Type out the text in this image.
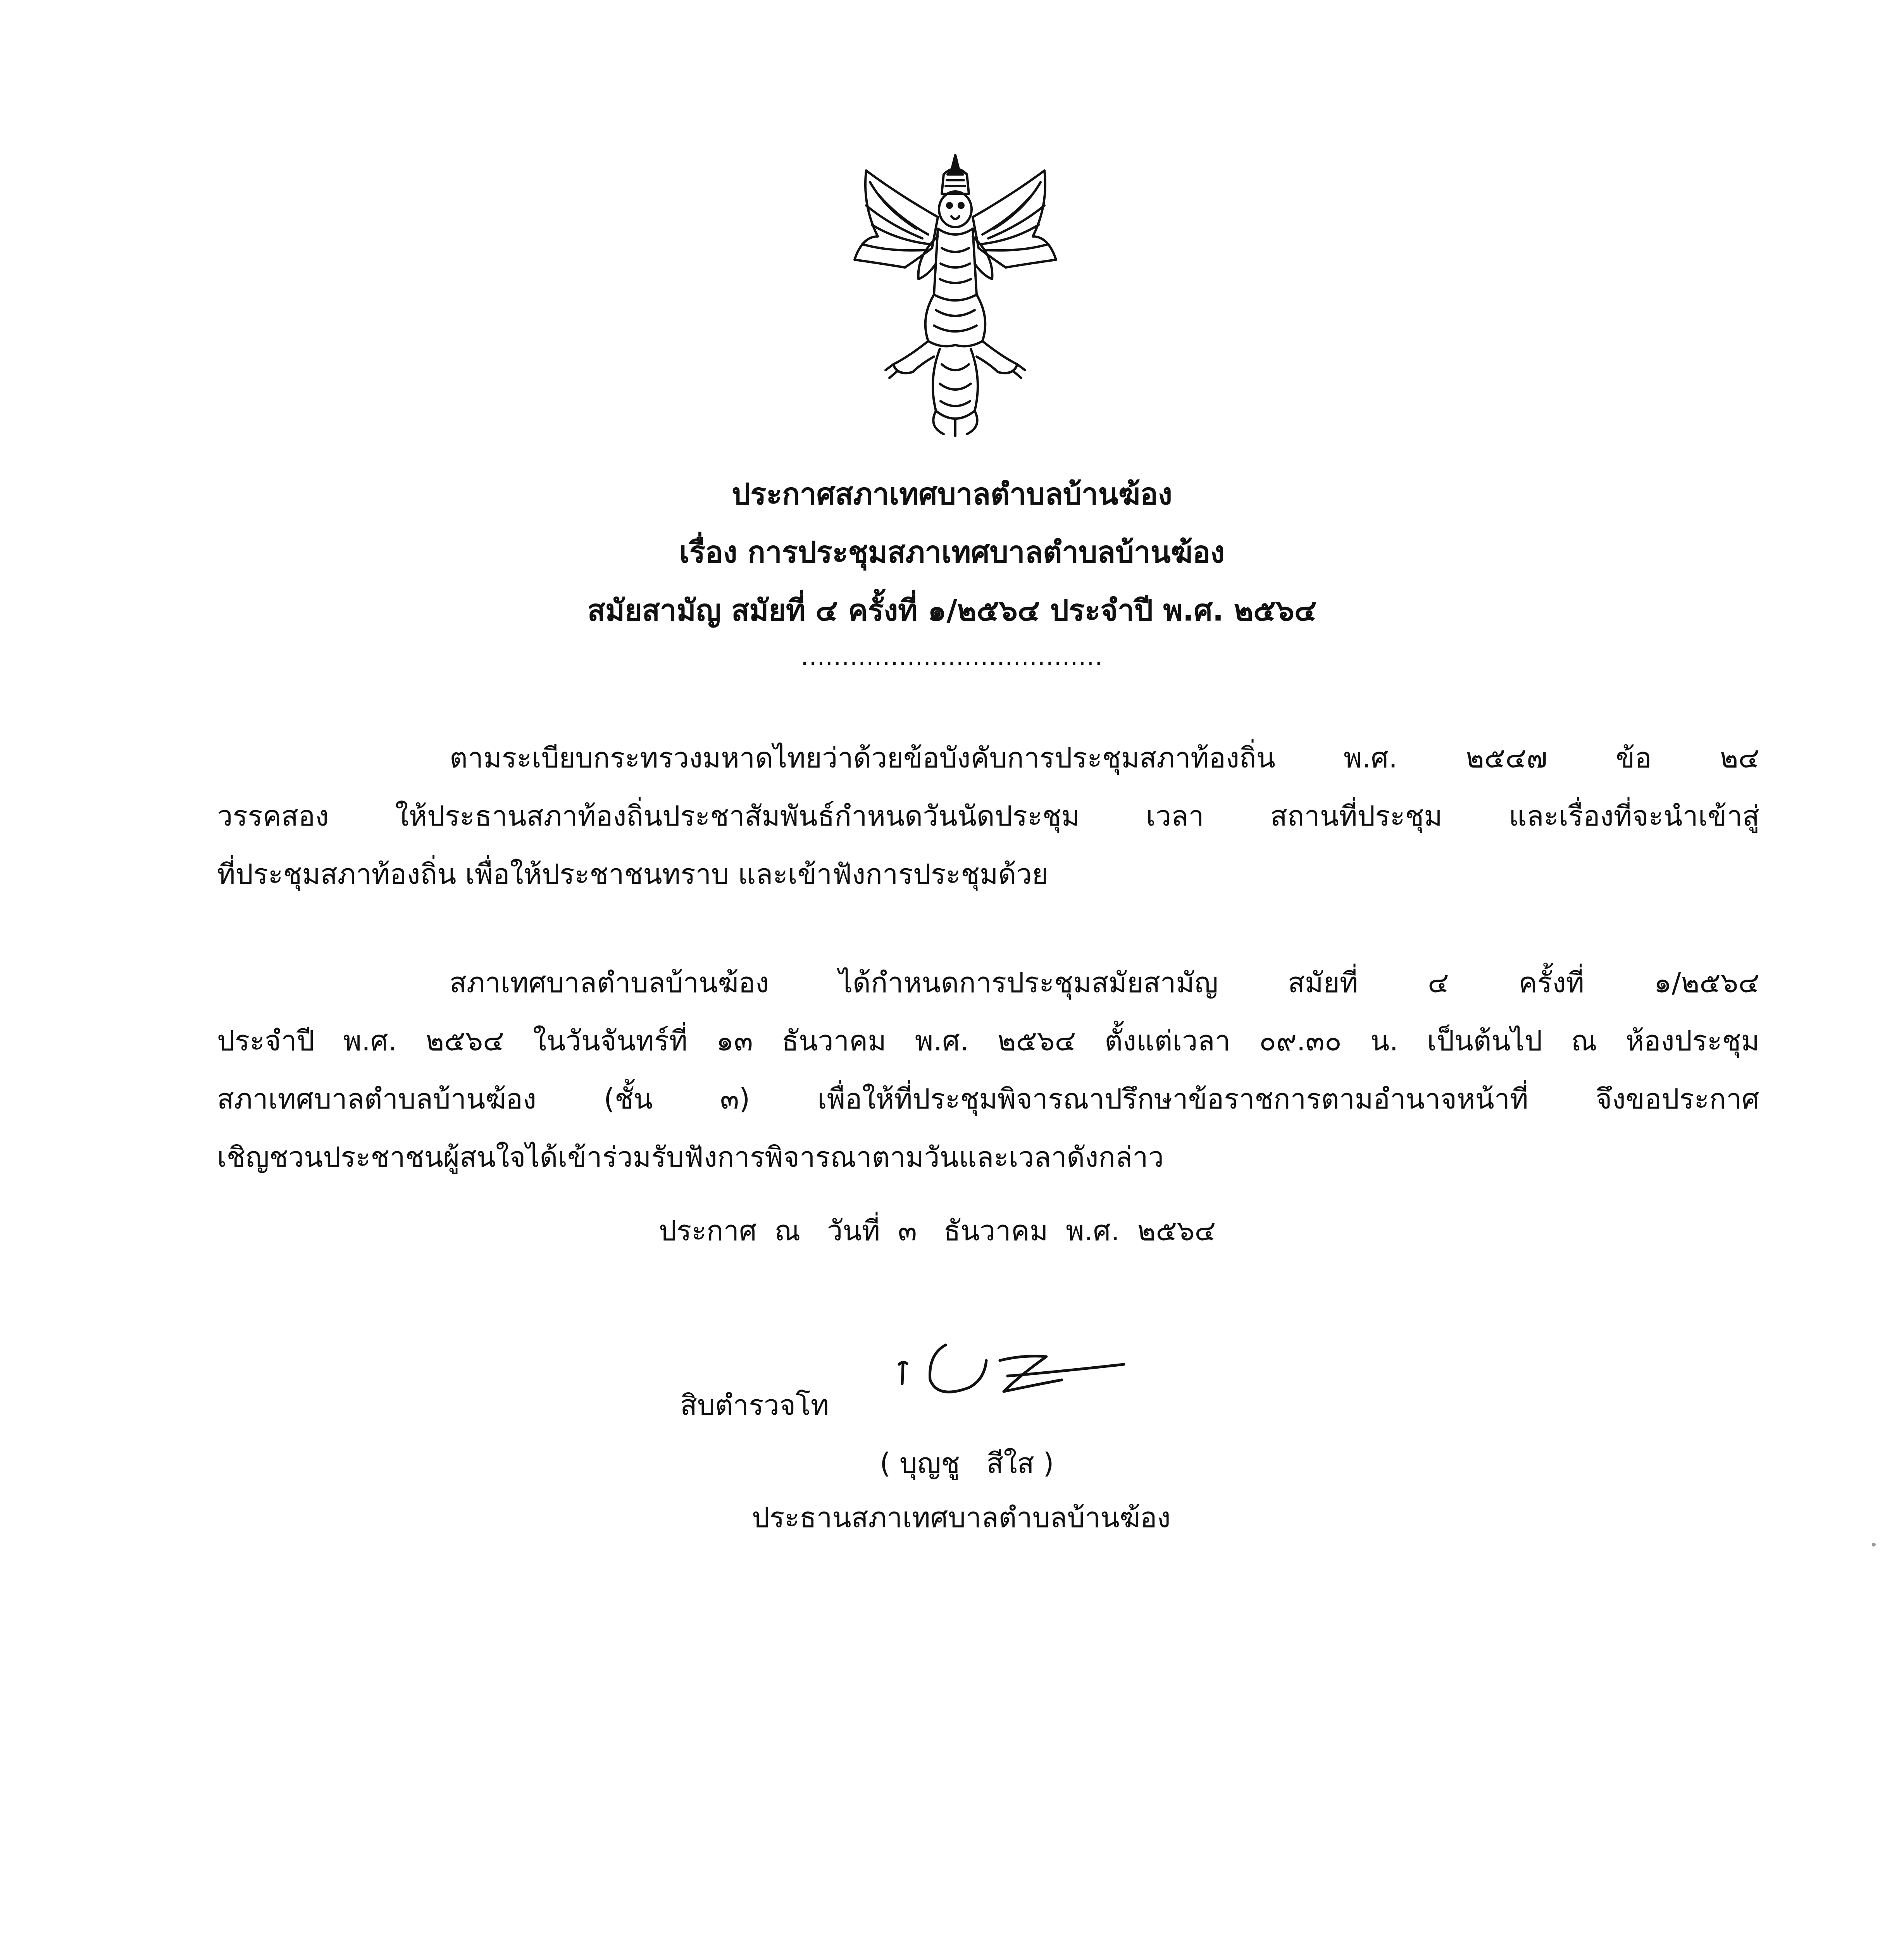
ประกาศสภาเทศบาลตำบลบ้านฆ้อง
เรื่อง การประชุมสภาเทศบาลตำบลบ้านฆ้อง
สมัยสามัญ สมัยที่ ๔ ครั้งที่ ๑/๒๕๖๔ ประจำปี พ.ศ. ๒๕๖๔
.....................................
ตามระเบียบกระทรวงมหาดไทยว่าด้วยข้อบังคับการประชุมสภาท้องถิ่น พ.ศ. ๒๕๔๗ ข้อ ๒๔
วรรคสอง ให้ประธานสภาท้องถิ่นประชาสัมพันธ์กำหนดวันนัดประชุม เวลา สถานที่ประชุม และเรื่องที่จะนำเข้าสู่
ที่ประชุมสภาท้องถิ่น เพื่อให้ประชาชนทราบ และเข้าฟังการประชุมด้วย
สภาเทศบาลตำบลบ้านฆ้อง ได้กำหนดการประชุมสมัยสามัญ สมัยที่ ๔ ครั้งที่ ๑/๒๕๖๔
ประจำปี พ.ศ. ๒๕๖๔ ในวันจันทร์ที่ ๑๓ ธันวาคม พ.ศ. ๒๕๖๔ ตั้งแต่เวลา ๐๙.๓๐ น. เป็นต้นไป ณ ห้องประชุม
สภาเทศบาลตำบลบ้านฆ้อง (ชั้น ๓) เพื่อให้ที่ประชุมพิจารณาปรึกษาข้อราชการตามอำนาจหน้าที่ จึงขอประกาศ
เชิญชวนประชาชนผู้สนใจได้เข้าร่วมรับฟังการพิจารณาตามวันและเวลาดังกล่าว
ประกาศ  ณ   วันที่  ๓   ธันวาคม  พ.ศ.  ๒๕๖๔
สิบตำรวจโท
( บุญชู   สีใส )
ประธานสภาเทศบาลตำบลบ้านฆ้อง
